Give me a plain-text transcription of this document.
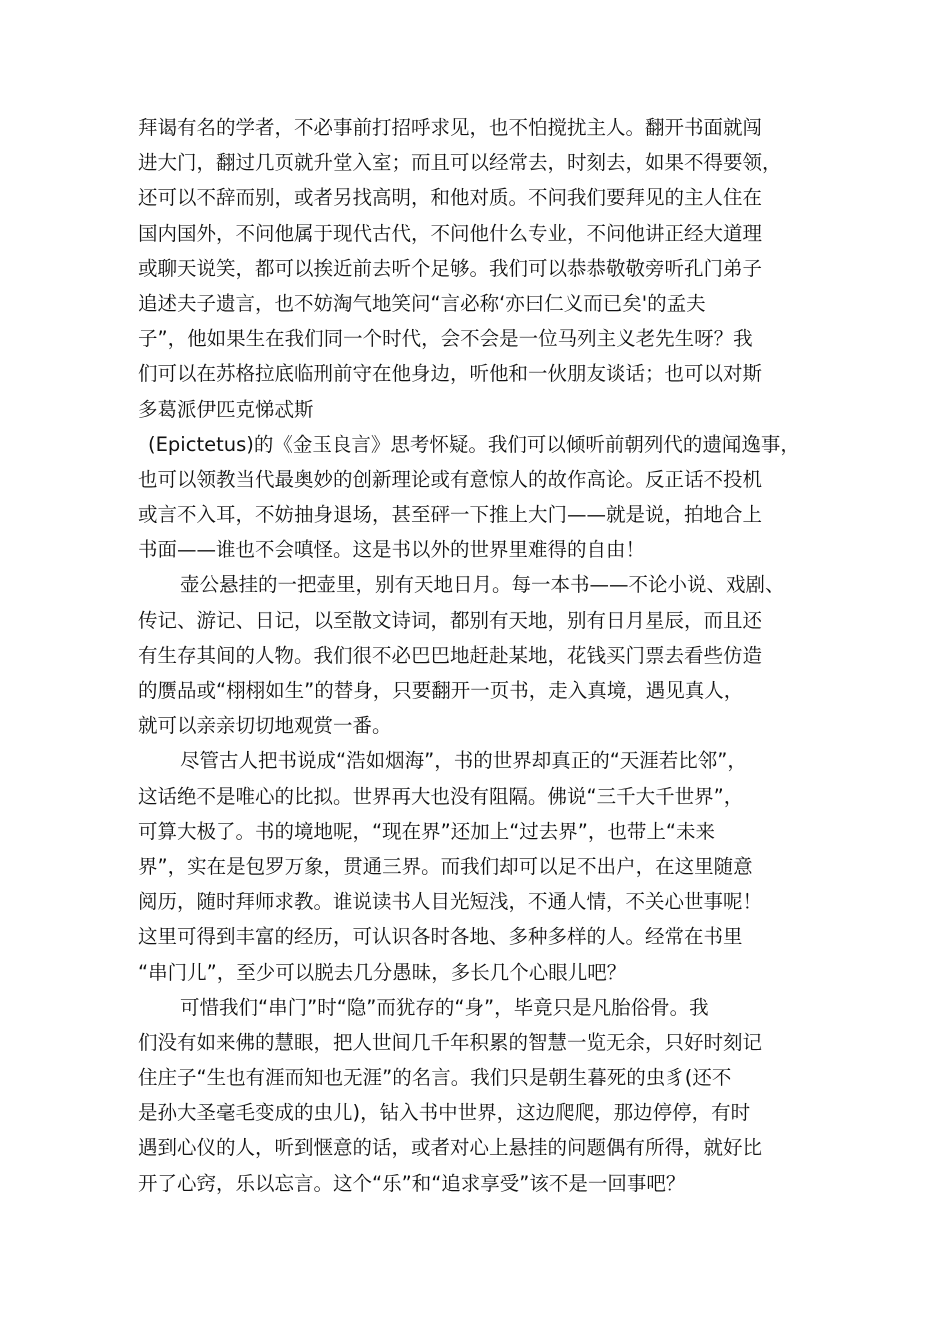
拜谒有名的学者，不必事前打招呼求见，也不怕搅扰主人。翻开书面就闯
进大门，翻过几页就升堂入室；而且可以经常去，时刻去，如果不得要领，
还可以不辞而别，或者另找高明，和他对质。不问我们要拜见的主人住在
国内国外，不问他属于现代古代，不问他什么专业，不问他讲正经大道理
或聊天说笑，都可以挨近前去听个足够。我们可以恭恭敬敬旁听孔门弟子
追述夫子遗言，也不妨淘气地笑问“言必称‘亦曰仁义而已矣'的孟夫
子”，他如果生在我们同一个时代，会不会是一位马列主义老先生呀？我
们可以在苏格拉底临刑前守在他身边，听他和一伙朋友谈话；也可以对斯
多葛派伊匹克悌忒斯
(Epictetus)的《金玉良言》思考怀疑。我们可以倾听前朝列代的遗闻逸事，
也可以领教当代最奥妙的创新理论或有意惊人的故作高论。反正话不投机
或言不入耳，不妨抽身退场，甚至砰一下推上大门——就是说，拍地合上
书面——谁也不会嗔怪。这是书以外的世界里难得的自由！
壶公悬挂的一把壶里，别有天地日月。每一本书——不论小说、戏剧、
传记、游记、日记，以至散文诗词，都别有天地，别有日月星辰，而且还
有生存其间的人物。我们很不必巴巴地赶赴某地，花钱买门票去看些仿造
的赝品或“栩栩如生”的替身，只要翻开一页书，走入真境，遇见真人，
就可以亲亲切切地观赏一番。
尽管古人把书说成“浩如烟海”，书的世界却真正的“天涯若比邻”，
这话绝不是唯心的比拟。世界再大也没有阻隔。佛说“三千大千世界”，
可算大极了。书的境地呢，“现在界”还加上“过去界”，也带上“未来
界”，实在是包罗万象，贯通三界。而我们却可以足不出户，在这里随意
阅历，随时拜师求教。谁说读书人目光短浅，不通人情，不关心世事呢！
这里可得到丰富的经历，可认识各时各地、多种多样的人。经常在书里
“串门儿”，至少可以脱去几分愚昧，多长几个心眼儿吧？
可惜我们“串门”时“隐”而犹存的“身”，毕竟只是凡胎俗骨。我
们没有如来佛的慧眼，把人世间几千年积累的智慧一览无余，只好时刻记
住庄子“生也有涯而知也无涯”的名言。我们只是朝生暮死的虫豸(还不
是孙大圣毫毛变成的虫儿)，钻入书中世界，这边爬爬，那边停停，有时
遇到心仪的人，听到惬意的话，或者对心上悬挂的问题偶有所得，就好比
开了心窍，乐以忘言。这个“乐”和“追求享受”该不是一回事吧？
